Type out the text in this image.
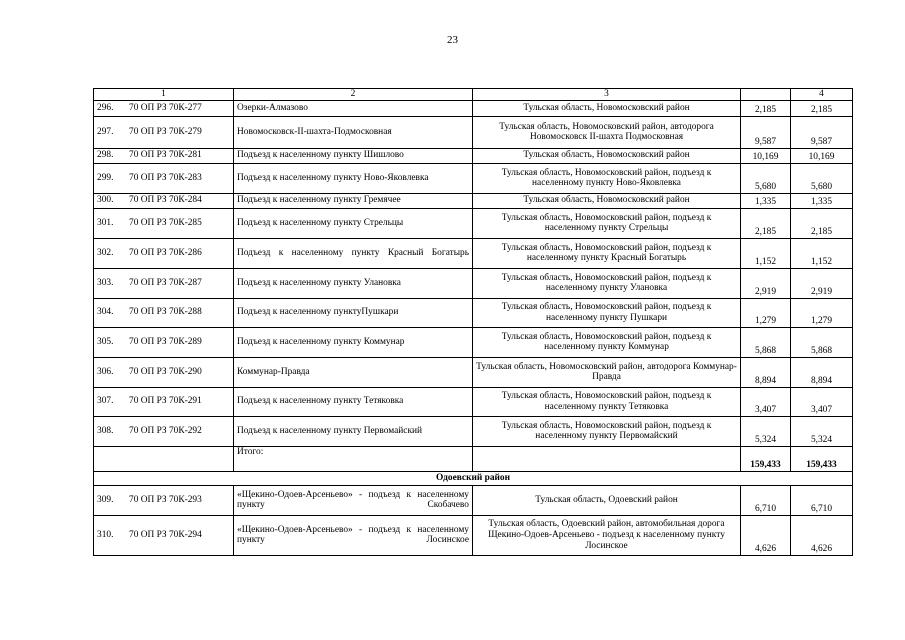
23
1	2	3		4
296. 70 ОП РЗ 70К-277	Озерки-Алмазово	Тульская область, Новомосковский район	2,185	2,185
297. 70 ОП РЗ 70К-279	Новомосковск-II-шахта-Подмосковная	Тульская область, Новомосковский район, автодорога Новомосковск II-шахта Подмосковная	9,587	9,587
298. 70 ОП РЗ 70К-281	Подъезд к населенному пункту Шишлово	Тульская область, Новомосковский район	10,169	10,169
299. 70 ОП РЗ 70К-283	Подъезд к населенному пункту Ново-Яковлевка	Тульская область, Новомосковский район, подъезд к населенному пункту Ново-Яковлевка	5,680	5,680
300. 70 ОП РЗ 70К-284	Подъезд к населенному пункту Гремячее	Тульская область, Новомосковский район	1,335	1,335
301. 70 ОП РЗ 70К-285	Подъезд к населенному пункту Стрельцы	Тульская область, Новомосковский район, подъезд к населенному пункту Стрельцы	2,185	2,185
302. 70 ОП РЗ 70К-286	Подъезд к населенному пункту Красный Богатырь	Тульская область, Новомосковский район, подъезд к населенному пункту Красный Богатырь	1,152	1,152
303. 70 ОП РЗ 70К-287	Подъезд к населенному пункту Улановка	Тульская область, Новомосковский район, подъезд к населенному пункту Улановка	2,919	2,919
304. 70 ОП РЗ 70К-288	Подъезд к населенному пунктуПушкари	Тульская область, Новомосковский район, подъезд к населенному пункту Пушкари	1,279	1,279
305. 70 ОП РЗ 70К-289	Подъезд к населенному пункту Коммунар	Тульская область, Новомосковский район, подъезд к населенному пункту Коммунар	5,868	5,868
306. 70 ОП РЗ 70К-290	Коммунар-Правда	Тульская область, Новомосковский район, автодорога Коммунар-Правда	8,894	8,894
307. 70 ОП РЗ 70К-291	Подъезд к населенному пункту Тетяковка	Тульская область, Новомосковский район, подъезд к населенному пункту Тетяковка	3,407	3,407
308. 70 ОП РЗ 70К-292	Подъезд к населенному пункту Первомайский	Тульская область, Новомосковский район, подъезд к населенному пункту Первомайский	5,324	5,324
	Итого:		159,433	159,433
Одоевский район				
309. 70 ОП РЗ 70К-293	«Щекино-Одоев-Арсеньево» - подъезд к населенному пункту Скобачево	Тульская область, Одоевский район	6,710	6,710
310. 70 ОП РЗ 70К-294	«Щекино-Одоев-Арсеньево» - подъезд к населенному пункту Лосинское	Тульская область, Одоевский район, автомобильная дорога Щекино-Одоев-Арсеньево - подъезд к населенному пункту Лосинское	4,626	4,626
